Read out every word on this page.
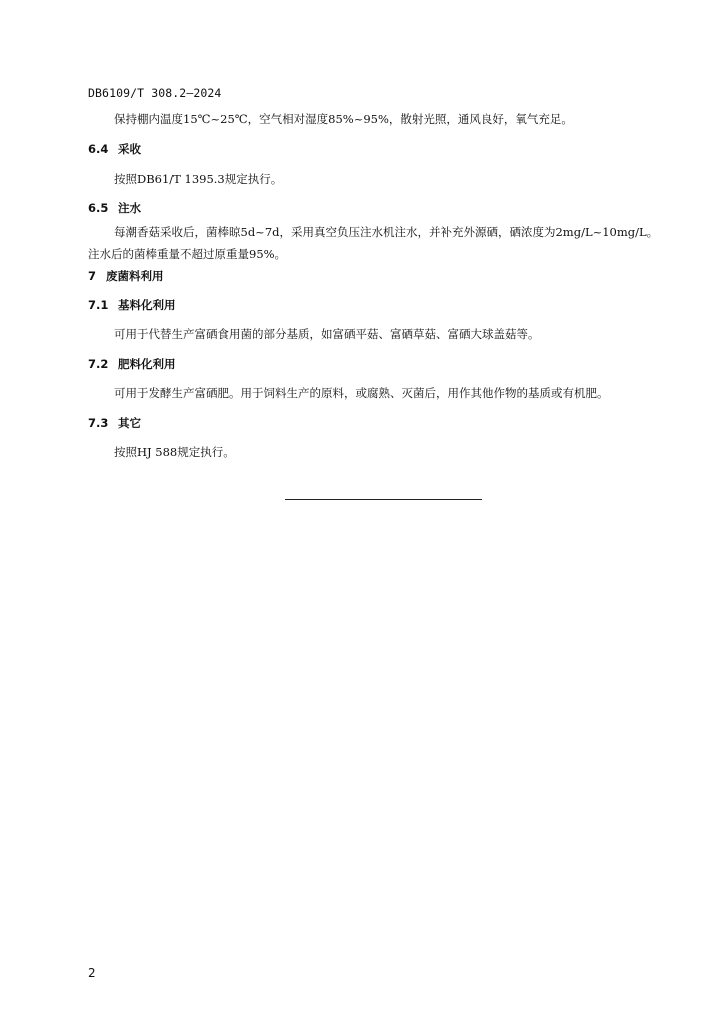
DB6109/T 308.2—2024
保持棚内温度15℃~25℃，空气相对湿度85%~95%，散射光照，通风良好，氧气充足。
6.4 采收
按照DB61/T 1395.3规定执行。
6.5 注水
每潮香菇采收后，菌棒晾5d~7d，采用真空负压注水机注水，并补充外源硒，硒浓度为2mg/L~10mg/L。注水后的菌棒重量不超过原重量95%。
7 废菌料利用
7.1 基料化利用
可用于代替生产富硒食用菌的部分基质，如富硒平菇、富硒草菇、富硒大球盖菇等。
7.2 肥料化利用
可用于发酵生产富硒肥。用于饲料生产的原料，或腐熟、灭菌后，用作其他作物的基质或有机肥。
7.3 其它
按照HJ 588规定执行。
2
